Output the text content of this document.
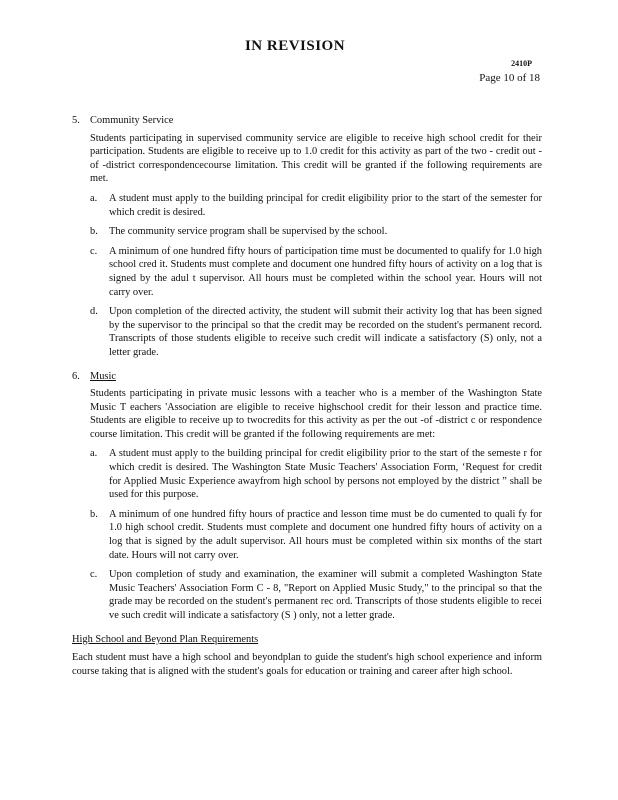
IN REVISION
2410P
Page 10 of 18
5. Community Service

Students participating in supervised community service are eligible to receive high school credit for their participation. Students are eligible to receive up to 1.0 credit for this activity as part of the two - credit out - of -district correspondencecourse limitation. This credit will be granted if the following requirements are met.

a. A student must apply to the building principal for credit eligibility prior to the start of the semester for which credit is desired.
b. The community service program shall be supervised by the school.
c. A minimum of one hundred fifty hours of participation time must be documented to qualify for 1.0 high school cred it. Students must complete and document one hundred fifty hours of activity on a log that is signed by the adul t supervisor. All hours must be completed within the school year. Hours will not carry over.
d. Upon completion of the directed activity, the student will submit their activity log that has been signed by the supervisor to the principal so that the credit may be recorded on the student's permanent record. Transcripts of those students eligible to receive such credit will indicate a satisfactory (S) only, not a letter grade.
6. Music

Students participating in private music lessons with a teacher who is a member of the Washington State Music T eachers 'Association are eligible to receive highschool credit for their lesson and practice time. Students are eligible to receive up to twocredits for this activity as per the out -of -district c or respondence course limitation. This credit will be granted if the following requirements are met:

a. A student must apply to the building principal for credit eligibility prior to the start of the semeste r for which credit is desired. The Washington State Music Teachers' Association Form, ‘Request for credit for Applied Music Experience awayfrom high school by persons not employed by the district ” shall be used for this purpose.
b. A minimum of one hundred fifty hours of practice and lesson time must be do cumented to quali fy for 1.0 high school credit. Students must complete and document one hundred fifty hours of activity on a log that is signed by the adult supervisor. All hours must be completed within six months of the start date. Hours will not carry over.
c. Upon completion of study and examination, the examiner will submit a completed Washington State Music Teachers' Association Form C - 8, "Report on Applied Music Study," to the principal so that the grade may be recorded on the student's permanent rec ord. Transcripts of those students eligible to recei ve such credit will indicate a satisfactory (S ) only, not a letter grade.
High School and Beyond Plan Requirements

Each student must have a high school and beyondplan to guide the student's high school experience and inform course taking that is aligned with the student's goals for education or training and career after high school.
